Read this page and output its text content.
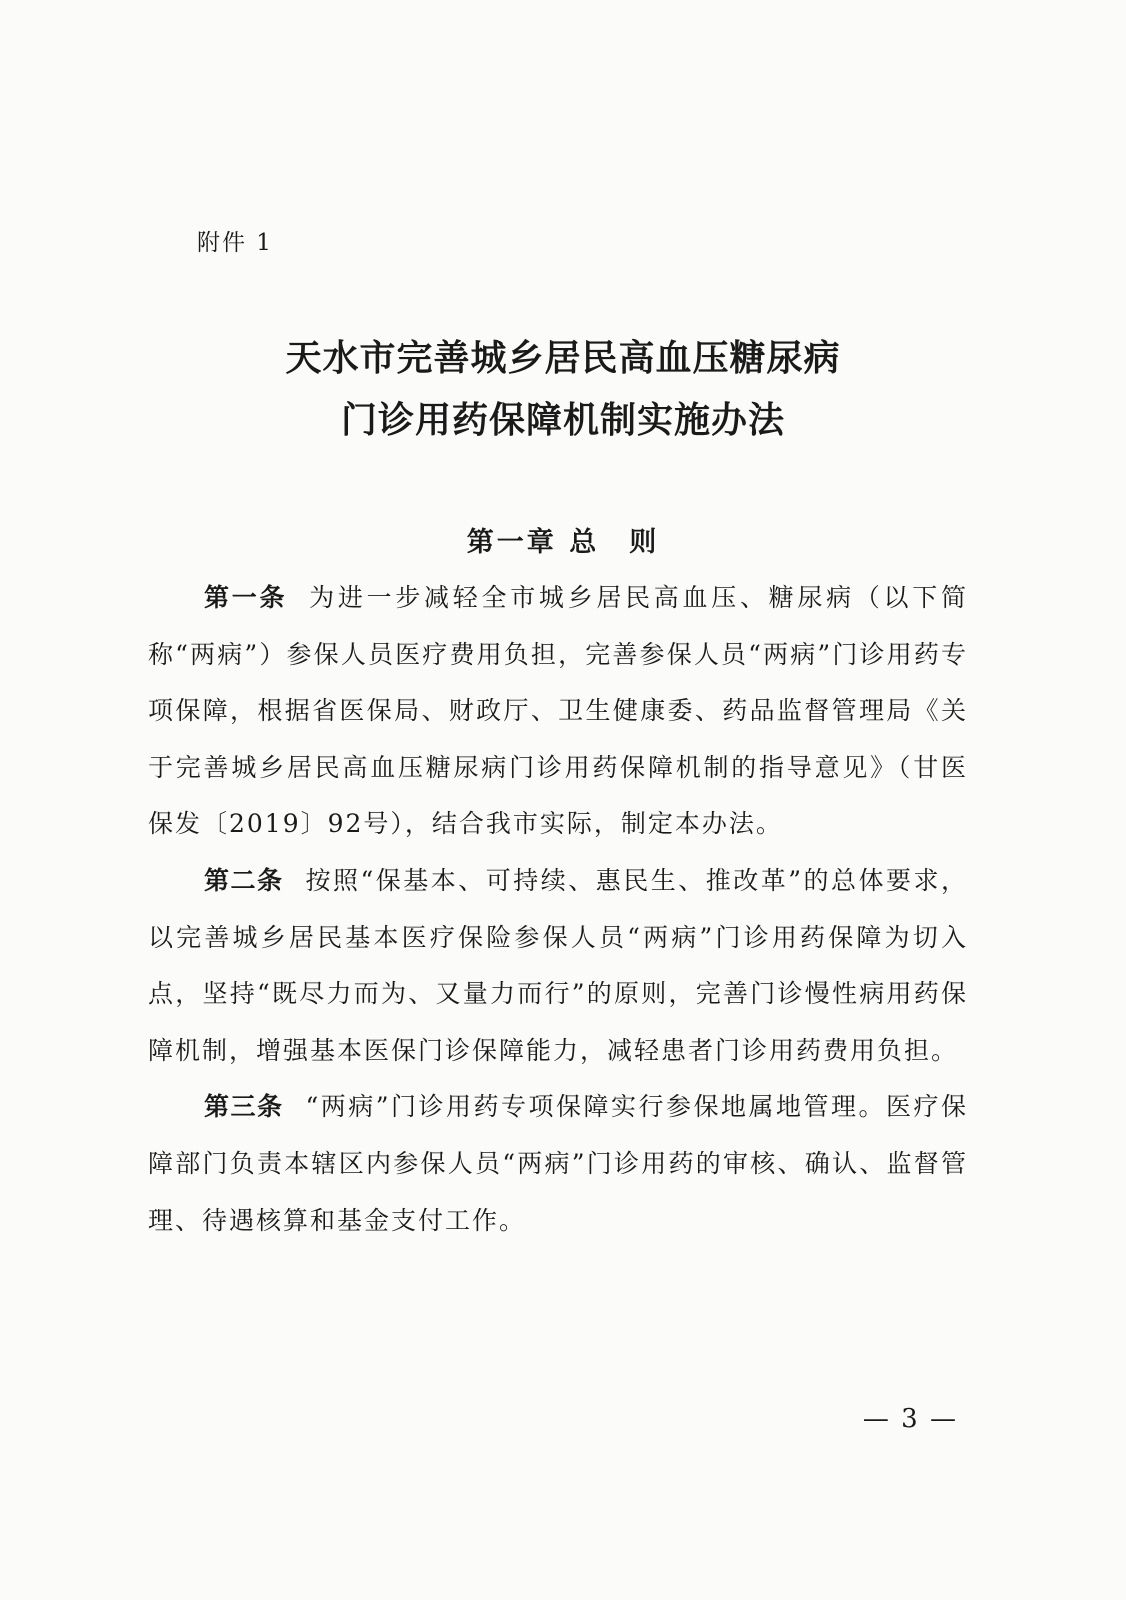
附件 1
天水市完善城乡居民高血压糖尿病
门诊用药保障机制实施办法
第一章 总　则

第一条 为进一步减轻全市城乡居民高血压、糖尿病（以下简称“两病”）参保人员医疗费用负担，完善参保人员“两病”门诊用药专项保障，根据省医保局、财政厅、卫生健康委、药品监督管理局《关于完善城乡居民高血压糖尿病门诊用药保障机制的指导意见》（甘医保发〔2019〕92号），结合我市实际，制定本办法。

第二条 按照“保基本、可持续、惠民生、推改革”的总体要求，以完善城乡居民基本医疗保险参保人员“两病”门诊用药保障为切入点，坚持“既尽力而为、又量力而行”的原则，完善门诊慢性病用药保障机制，增强基本医保门诊保障能力，减轻患者门诊用药费用负担。

第三条 “两病”门诊用药专项保障实行参保地属地管理。医疗保障部门负责本辖区内参保人员“两病”门诊用药的审核、确认、监督管理、待遇核算和基金支付工作。

— 3 —
